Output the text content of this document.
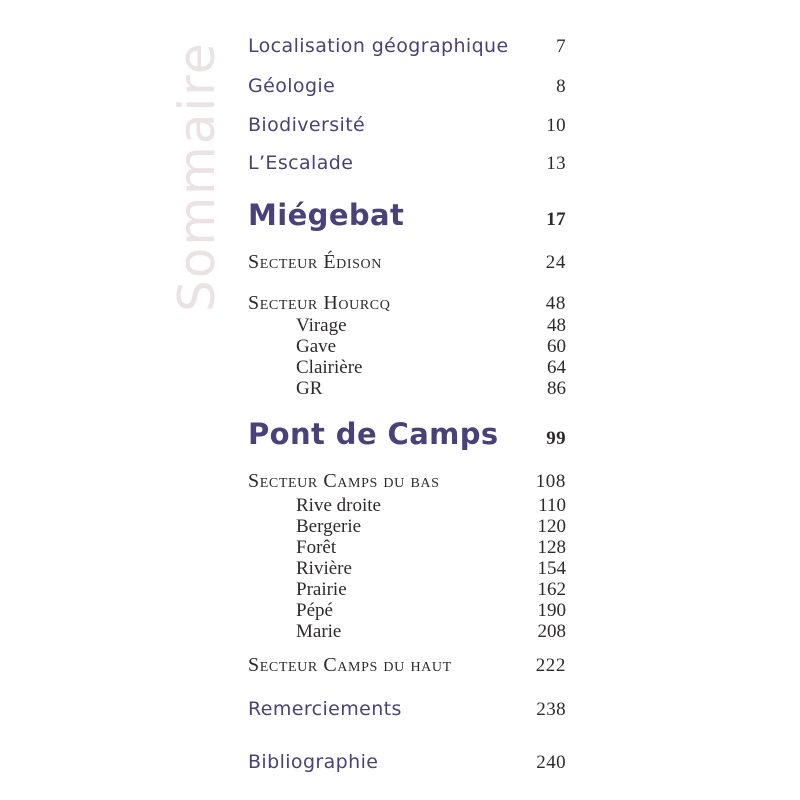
Sommaire Localisation géographique	7
Géologie	8
Biodiversité	10
L’Escalade	13
Miégebat	17
Secteur Édison	24
Secteur Hourcq	48
Virage	48
Gave	60
Clairière	64
GR	86
Pont de Camps	99
Secteur Camps du bas	108
Rive droite	110
Bergerie	120
Forêt	128
Rivière	154
Prairie	162
Pépé	190
Marie	208
Secteur Camps du haut	222
Remerciements	238
Bibliographie	240
